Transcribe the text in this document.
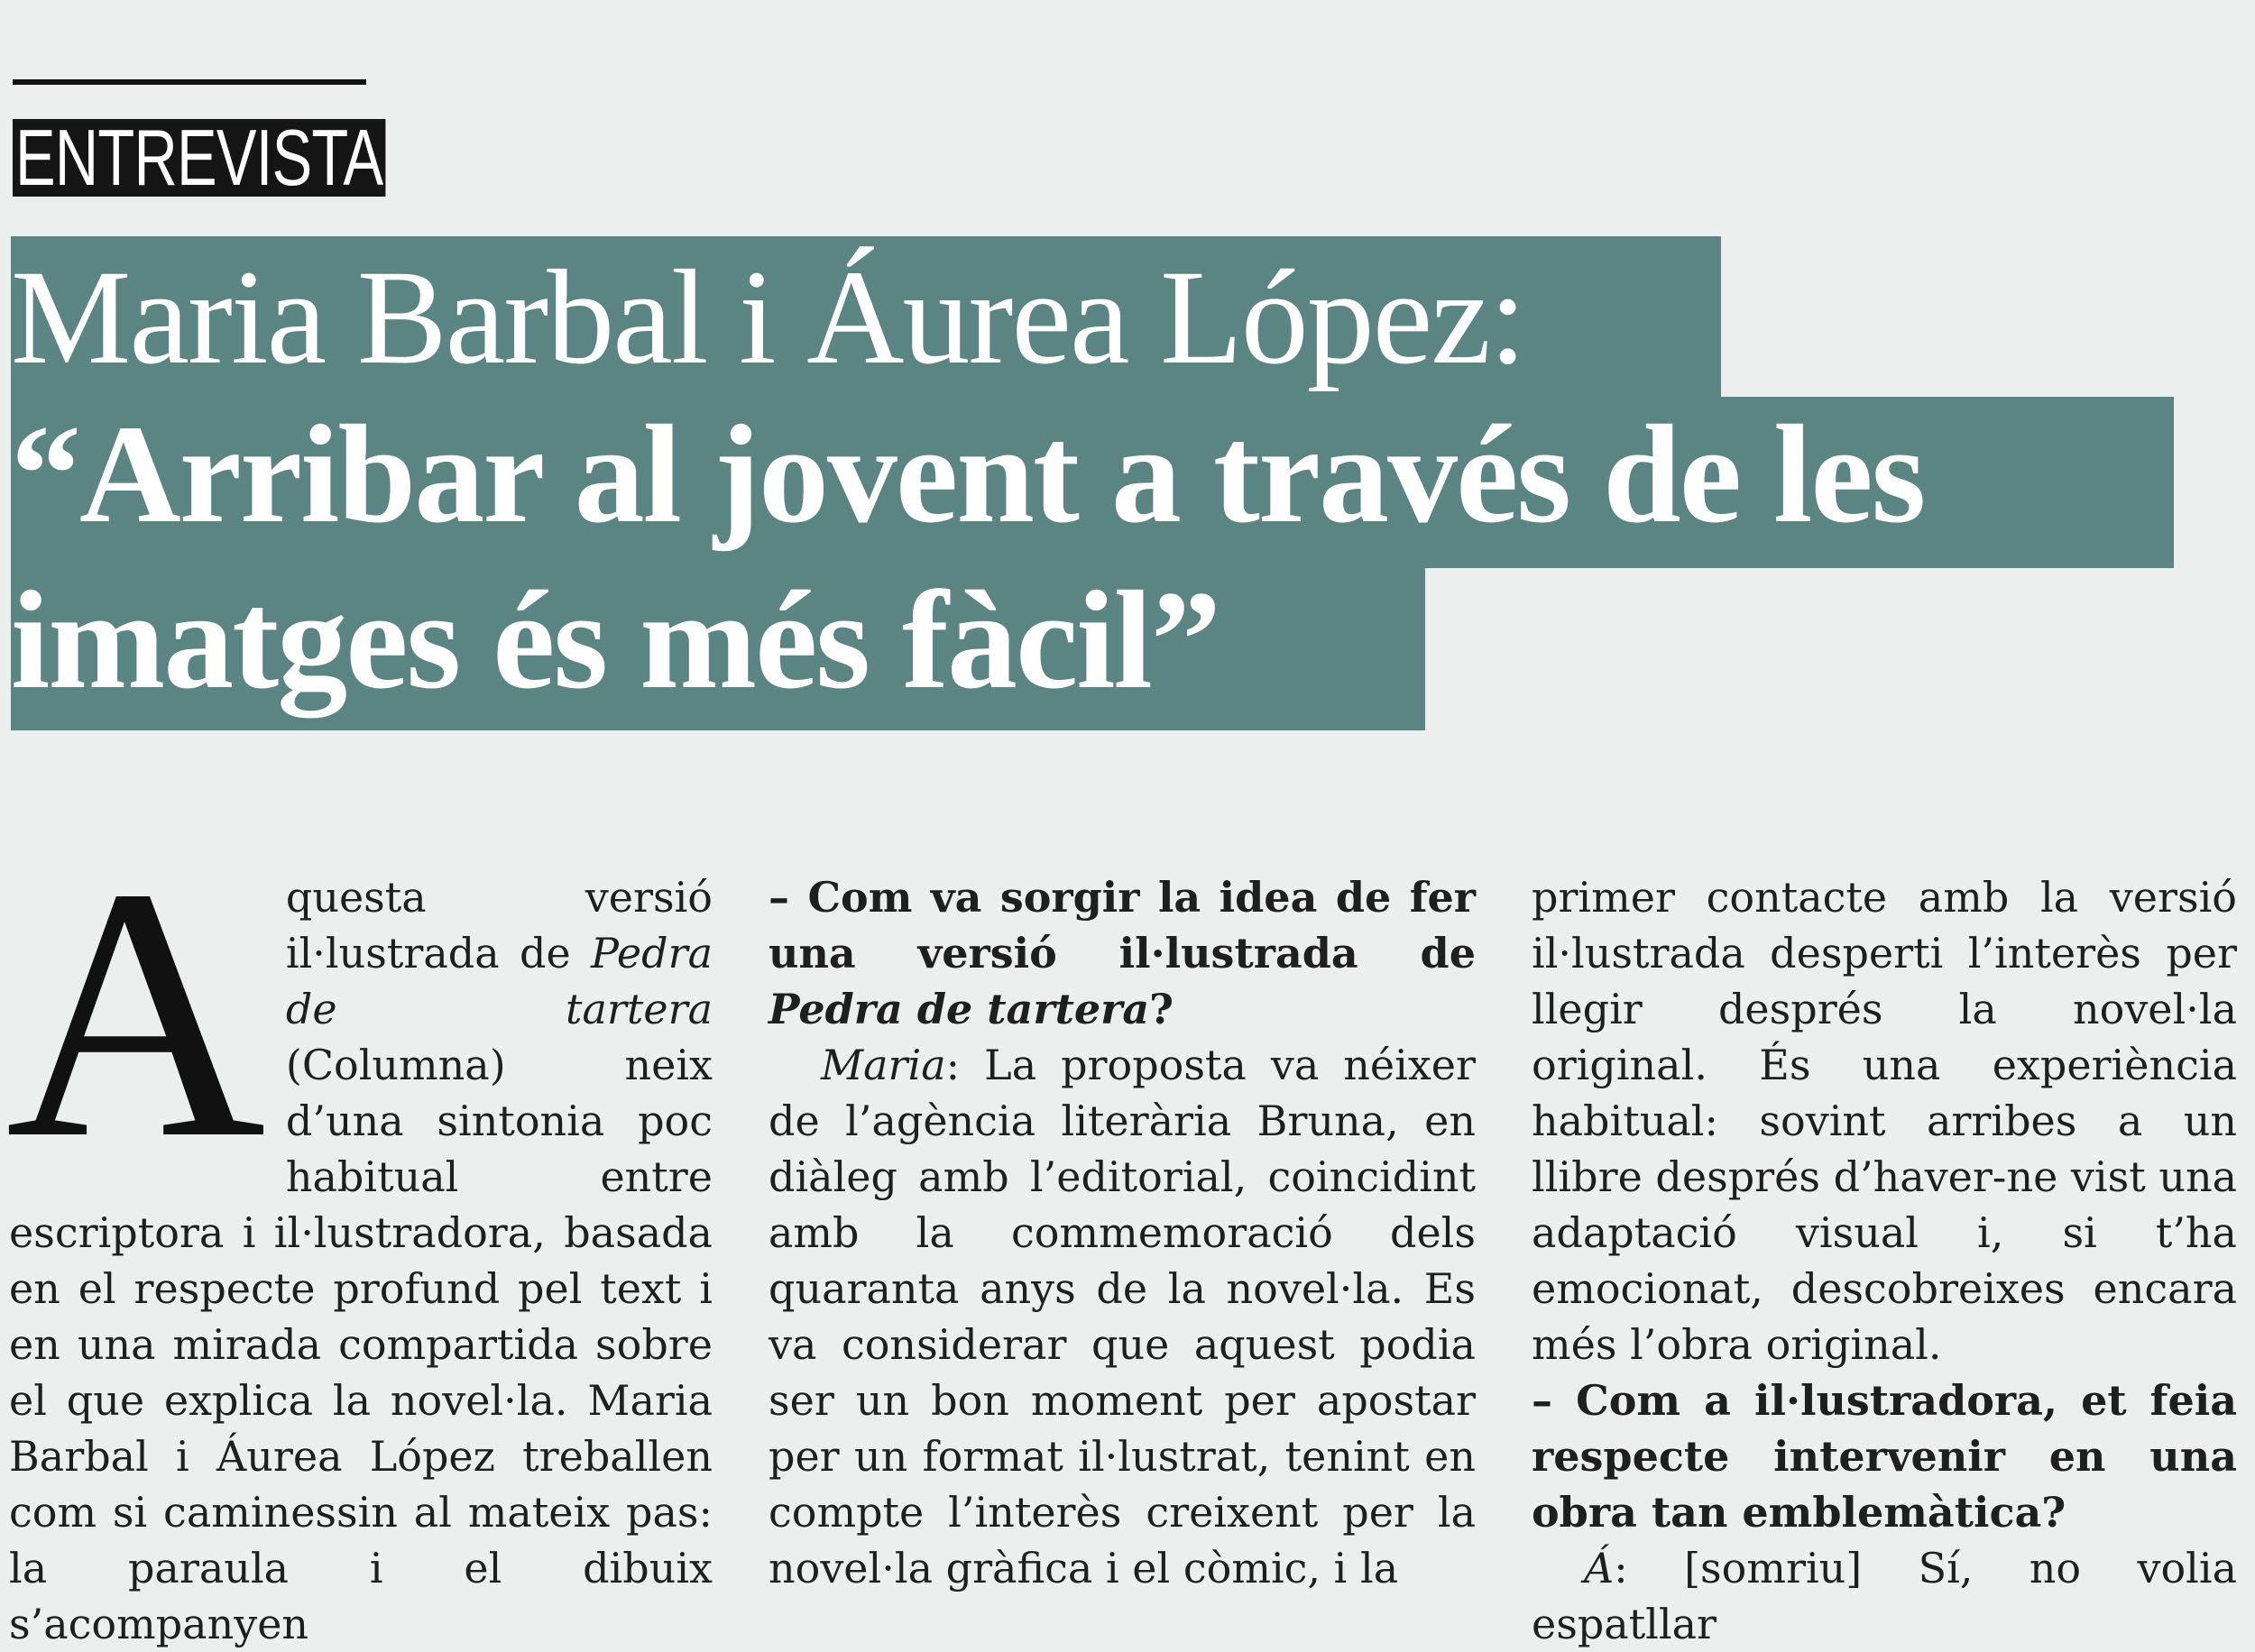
ENTREVISTA
Maria Barbal i Áurea López:
“Arribar al jovent a través de les
imatges és més fàcil”

Aquesta versió il·lustrada de Pedra de tartera (Columna) neix d’una sintonia poc habitual entre escriptora i il·lustradora, basada en el respecte profund pel text i en una mirada compartida sobre el que explica la novel·la. Maria Barbal i Áurea López treballen com si caminessin al mateix pas: la paraula i el dibuix s’acompanyen

– Com va sorgir la idea de fer una versió il·lustrada de Pedra de tartera?

Maria: La proposta va néixer de l’agència literària Bruna, en diàleg amb l’editorial, coincidint amb la commemoració dels quaranta anys de la novel·la. Es va considerar que aquest podia ser un bon moment per apostar per un format il·lustrat, tenint en compte l’interès creixent per la novel·la gràfica i el còmic, i la

primer contacte amb la versió il·lustrada desperti l’interès per llegir després la novel·la original. És una experiència habitual: sovint arribes a un llibre després d’haver-ne vist una adaptació visual i, si t’ha emocionat, descobreixes encara més l’obra original.

– Com a il·lustradora, et feia respecte intervenir en una obra tan emblemàtica?

Á: [somriu] Sí, no volia espatllar
